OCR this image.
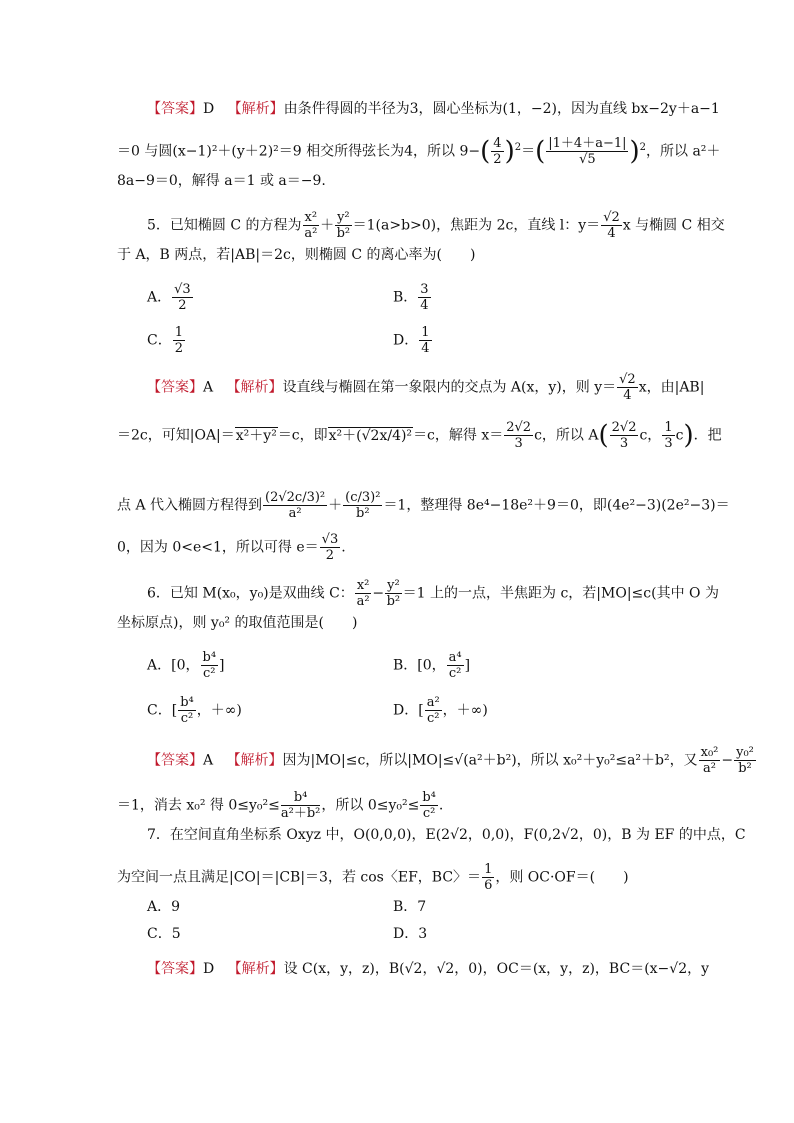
【答案】D 【解析】由条件得圆的半径为3，圆心坐标为(1，−2)，因为直线 bx−2y＋a−1
＝0 与圆(x−1)²＋(y＋2)²＝9 相交所得弦长为4，所以 $9-( \frac{4}{2} )^2=( \frac{|1+4+a-1|}{√5} )^2$，所以 a²＋
8a−9＝0，解得 a＝1 或 a＝−9.
5．已知椭圆 C 的方程为 $\frac{\text{x²}}{\text{a²}} + \frac{\text{y²}}{\text{b²}} =1(a>b>0)$，焦距为 2c，直线 l：$y= \frac{√2}{4}$ x 与椭圆 C 相交
于 A，B 两点，若|AB|＝2c，则椭圆 C 的离心率为(　　)
A． $\frac{√3}{2}$	B． $\frac{3}{4}$
C． $\frac{1}{2}$	D． $\frac{1}{4}$
【答案】A 【解析】设直线与椭圆在第一象限内的交点为 A(x，y)，则 $y= \frac{√2}{4}$ x，由|AB|
＝2c，可知|OA|＝x²＋y²＝c，即x²＋(√2x/4)²＝c，解得 $x= \frac{2√2}{3}$ c，所以 $A( \frac{2√2}{3}$ c， $\frac{1}{3} c$)．把
点 A 代入椭圆方程得到 $\frac{\text{(2√2c/3)²}}{\text{a²}} + \frac{\text{(c/3)²}}{\text{b²}} =1$，整理得 8e⁴−18e²＋9＝0，即(4e²−3)(2e²−3)＝
0，因为 0<e<1，所以可得 $e= \frac{√3}{2}$ .
6．已知 M(x₀，y₀)是双曲线 C： $\frac{\text{x²}}{\text{a²}} - \frac{\text{y²}}{\text{b²}} =1$ 上的一点，半焦距为 c，若|MO|≤c(其中 O 为
坐标原点)，则 y₀² 的取值范围是(　　)
A．[0， $\frac{\text{b⁴}}{\text{c²}}$ ]	B．[0， $\frac{\text{a⁴}}{\text{c²}}$ ]
C．[ $\frac{\text{b⁴}}{\text{c²}}$ ，＋∞)	D．[ $\frac{\text{a²}}{\text{c²}}$ ，＋∞)
【答案】A 【解析】因为|MO|≤c，所以|MO|≤√(a²＋b²)，所以 x₀²＋y₀²≤a²＋b²，又 $\frac{\text{x₀²}}{\text{a²}} - \frac{\text{y₀²}}{\text{b²}}$
＝1，消去 x₀² 得 $0\le y_0^2\le \frac{\text{b⁴}}{\text{a²＋b²}}$ ，所以 $0\le y_0^2\le \frac{\text{b⁴}}{\text{c²}}$ .
7．在空间直角坐标系 Oxyz 中，O(0,0,0)，E(2√2，0,0)，F(0,2√2，0)，B 为 EF 的中点，C
为空间一点且满足|CO|＝|CB|＝3，若 cos〈EF，BC〉＝ $\frac{1}{6}$ ，则 OC·OF＝(　　)
A．9	B．7
C．5	D．3
【答案】D 【解析】设 C(x，y，z)，B(√2，√2，0)，OC＝(x，y，z)，BC＝(x−√2，y
